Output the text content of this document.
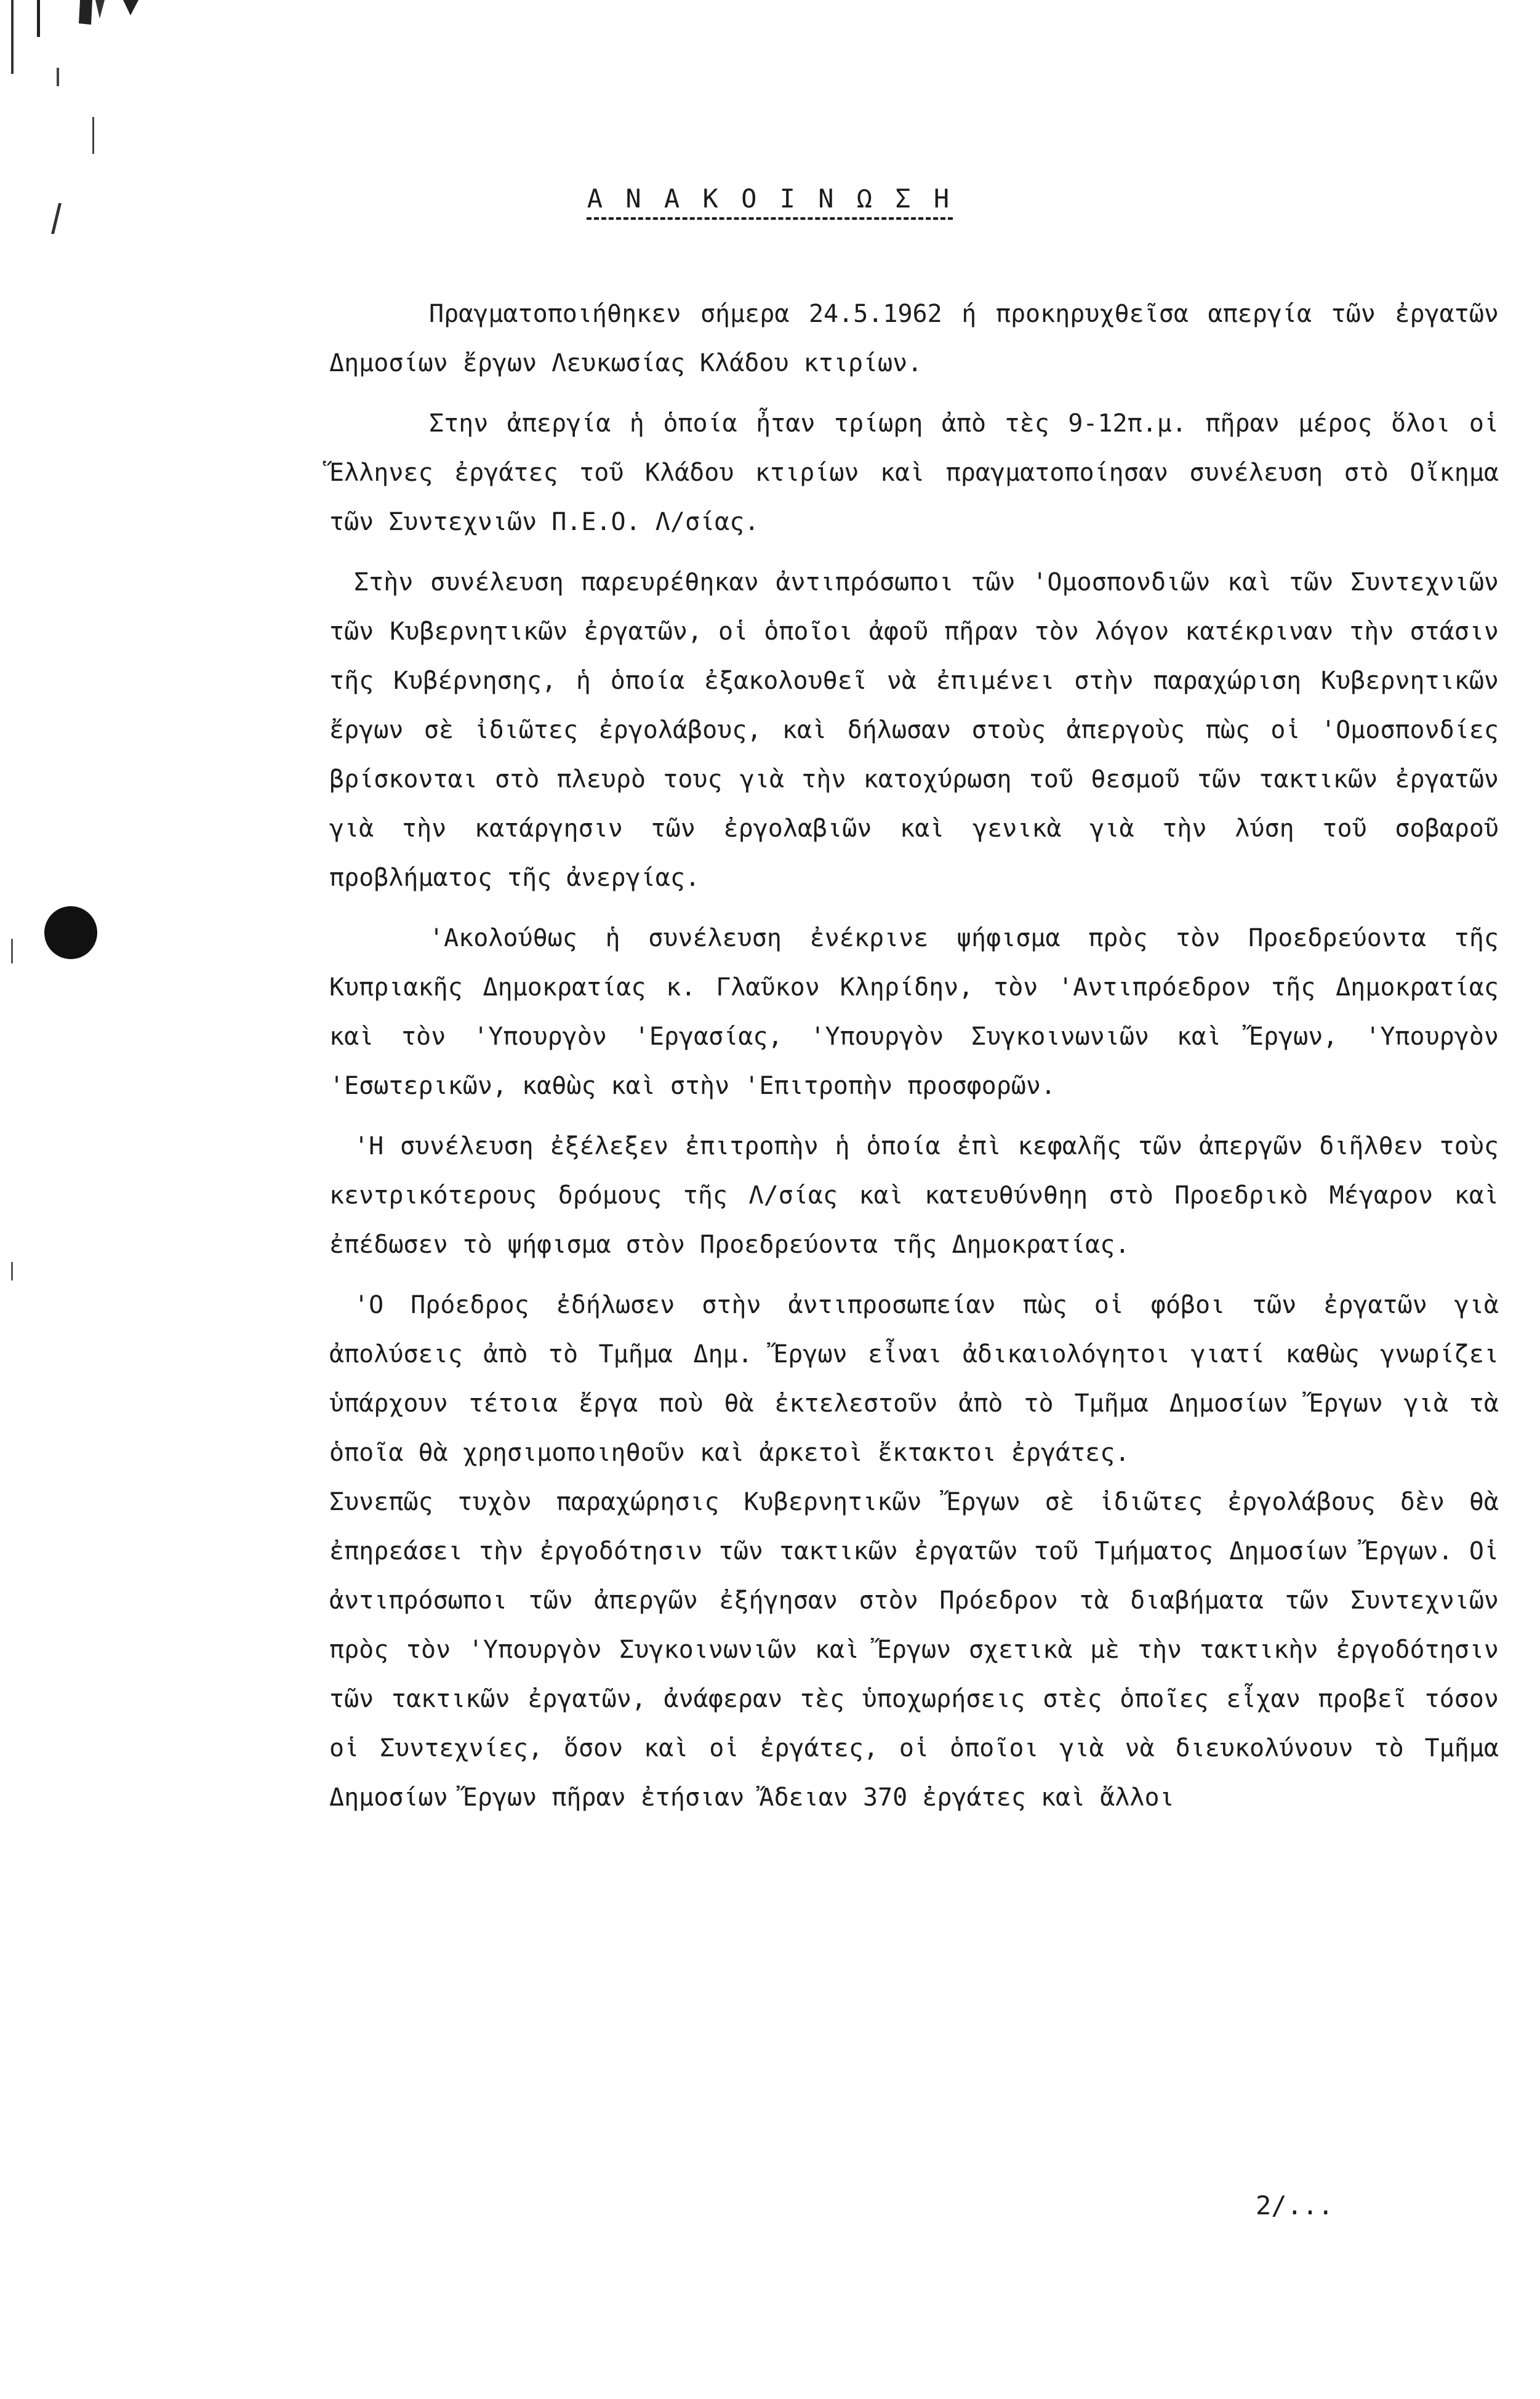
Α Ν Α Κ Ο Ι Ν Ω Σ Η

Πραγματοποιήθηκεν σήμερα 24.5.1962 ή προκηρυχθεῖσα απεργία τῶν ἐργατῶν Δημοσίων ἔργων Λευκωσίας Κλάδου κτιρίων.

Στην ἀπεργία ἡ ὁποία ἦταν τρίωρη ἀπὸ τὲς 9-12π.μ. πῆραν μέρος ὅλοι οἱ Ἕλληνες ἐργάτες τοῦ Κλάδου κτιρίων καὶ πραγματοποίησαν συνέλευση στὸ Οἴκημα τῶν Συντεχνιῶν Π.Ε.Ο. Λ/σίας.

Στὴν συνέλευση παρευρέθηκαν ἀντιπρόσωποι τῶν 'Ομοσπονδιῶν καὶ τῶν Συντεχνιῶν τῶν Κυβερνητικῶν ἐργατῶν, οἱ ὁποῖοι ἀφοῦ πῆραν τὸν λόγον κατέκριναν τὴν στάσιν τῆς Κυβέρνησης, ἡ ὁποία ἐξακολουθεῖ νὰ ἐπιμένει στὴν παραχώριση Κυβερνητικῶν ἔργων σὲ ἰδιῶτες ἐργολάβους, καὶ δήλωσαν στοὺς ἀπεργοὺς πὼς οἱ 'Ομοσπονδίες βρίσκονται στὸ πλευρὸ τους γιὰ τὴν κατοχύρωση τοῦ θεσμοῦ τῶν τακτικῶν ἐργατῶν γιὰ τὴν κατάργησιν τῶν ἐργολαβιῶν καὶ γενικὰ γιὰ τὴν λύση τοῦ σοβαροῦ προβλήματος τῆς ἀνεργίας.

'Ακολούθως ἡ συνέλευση ἐνέκρινε ψήφισμα πρὸς τὸν Προεδρεύοντα τῆς Κυπριακῆς Δημοκρατίας κ. Γλαῦκον Κληρίδην, τὸν 'Αντιπρόεδρον τῆς Δημοκρατίας καὶ τὸν 'Υπουργὸν 'Εργασίας, 'Υπουργὸν Συγκοινωνιῶν καὶ Ἔργων, 'Υπουργὸν 'Εσωτερικῶν, καθὼς καὶ στὴν 'Επιτροπὴν προσφορῶν.

'Η συνέλευση ἐξέλεξεν ἐπιτροπὴν ἡ ὁποία ἐπὶ κεφαλῆς τῶν ἀπεργῶν διῆλθεν τοὺς κεντρικότερους δρόμους τῆς Λ/σίας καὶ κατευθύνθηη στὸ Προεδρικὸ Μέγαρον καὶ ἐπέδωσεν τὸ ψήφισμα στὸν Προεδρεύοντα τῆς Δημοκρατίας.

'Ο Πρόεδρος ἐδήλωσεν στὴν ἀντιπροσωπείαν πὼς οἱ φόβοι τῶν ἐργατῶν γιὰ ἀπολύσεις ἀπὸ τὸ Τμῆμα Δημ. Ἔργων εἶναι ἀδικαιολόγητοι γιατί καθὼς γνωρίζει ὑπάρχουν τέτοια ἔργα ποὺ θὰ ἐκτελεστοῦν ἀπὸ τὸ Τμῆμα Δημοσίων Ἔργων γιὰ τὰ ὁποῖα θὰ χρησιμοποιηθοῦν καὶ ἀρκετοὶ ἔκτακτοι ἐργάτες.

Συνεπῶς τυχὸν παραχώρησις Κυβερνητικῶν Ἔργων σὲ ἰδιῶτες ἐργολάβους δὲν θὰ ἐπηρεάσει τὴν ἐργοδότησιν τῶν τακτικῶν ἐργατῶν τοῦ Τμήματος Δημοσίων Ἔργων. Οἱ ἀντιπρόσωποι τῶν ἀπεργῶν ἐξήγησαν στὸν Πρόεδρον τὰ διαβήματα τῶν Συντεχνιῶν πρὸς τὸν 'Υπουργὸν Συγκοινωνιῶν καὶ Ἔργων σχετικὰ μὲ τὴν τακτικὴν ἐργοδότησιν τῶν τακτικῶν ἐργατῶν, ἀνάφεραν τὲς ὑποχωρήσεις στὲς ὁποῖες εἶχαν προβεῖ τόσον οἱ Συντεχνίες, ὅσον καὶ οἱ ἐργάτες, οἱ ὁποῖοι γιὰ νὰ διευκολύνουν τὸ Τμῆμα Δημοσίων Ἔργων πῆραν ἐτήσιαν Ἄδειαν 370 ἐργάτες καὶ ἄλλοι

2/...
